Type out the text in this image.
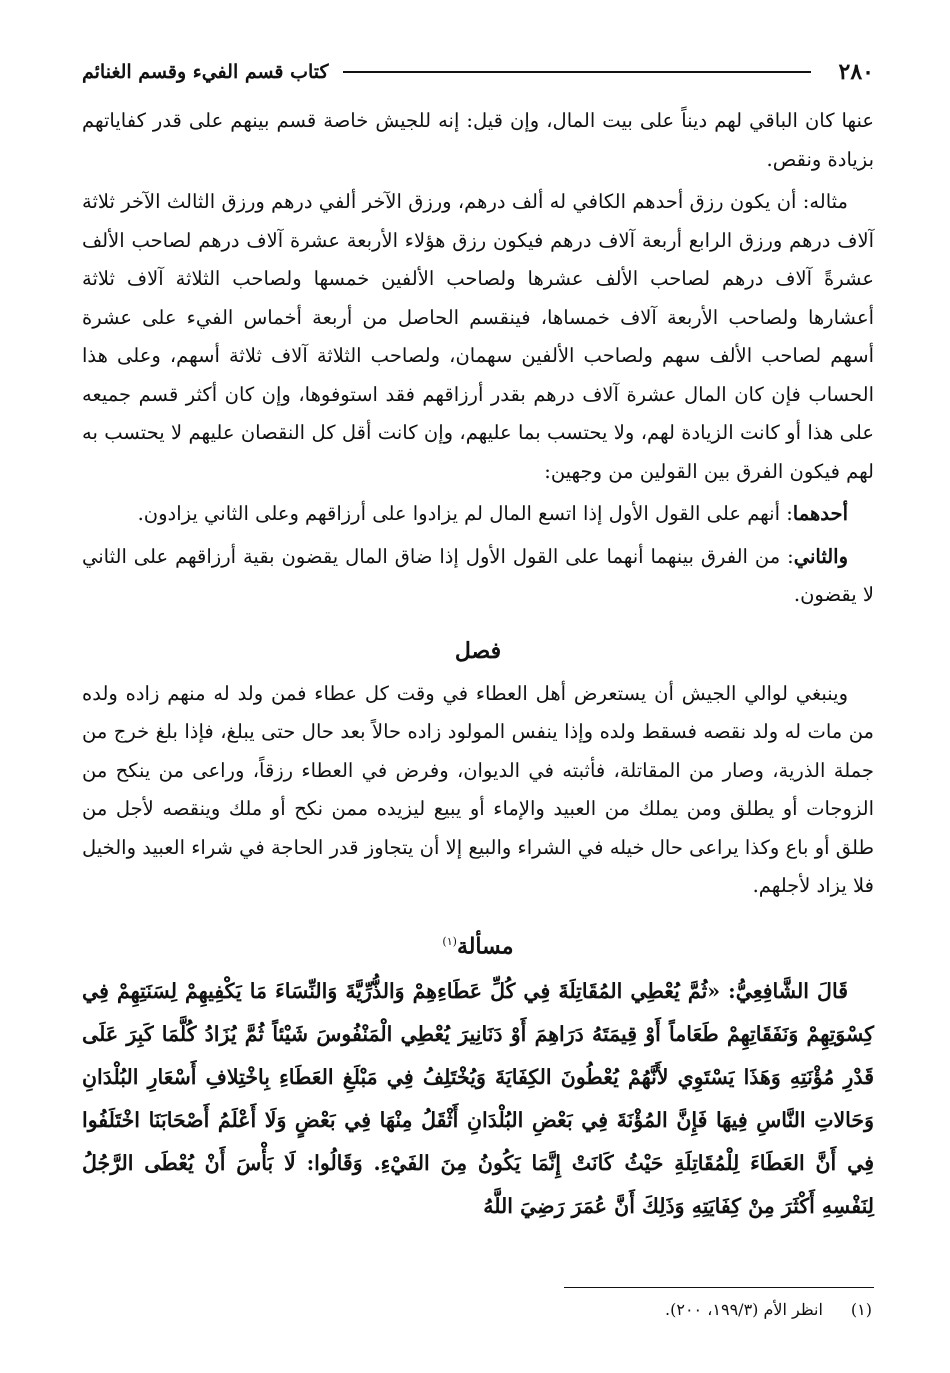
٢٨٠
كتاب قسم الفيء وقسم الغنائم

عنها كان الباقي لهم ديناً على بيت المال، وإن قيل: إنه للجيش خاصة قسم بينهم على قدر كفاياتهم بزيادة ونقص.

مثاله: أن يكون رزق أحدهم الكافي له ألف درهم، ورزق الآخر ألفي درهم ورزق الثالث الآخر ثلاثة آلاف درهم ورزق الرابع أربعة آلاف درهم فيكون رزق هؤلاء الأربعة عشرة آلاف درهم لصاحب الألف عشرةً آلاف درهم لصاحب الألف عشرها ولصاحب الألفين خمسها ولصاحب الثلاثة آلاف ثلاثة أعشارها ولصاحب الأربعة آلاف خمساها، فينقسم الحاصل من أربعة أخماس الفيء على عشرة أسهم لصاحب الألف سهم ولصاحب الألفين سهمان، ولصاحب الثلاثة آلاف ثلاثة أسهم، وعلى هذا الحساب فإن كان المال عشرة آلاف درهم بقدر أرزاقهم فقد استوفوها، وإن كان أكثر قسم جميعه على هذا أو كانت الزيادة لهم، ولا يحتسب بما عليهم، وإن كانت أقل كل النقصان عليهم لا يحتسب به لهم فيكون الفرق بين القولين من وجهين:

أحدهما: أنهم على القول الأول إذا اتسع المال لم يزادوا على أرزاقهم وعلى الثاني يزادون.

والثاني: من الفرق بينهما أنهما على القول الأول إذا ضاق المال يقضون بقية أرزاقهم على الثاني لا يقضون.

فصل

وينبغي لوالي الجيش أن يستعرض أهل العطاء في وقت كل عطاء فمن ولد له منهم زاده ولده من مات له ولد نقصه فسقط ولده وإذا ينفس المولود زاده حالاً بعد حال حتى يبلغ، فإذا بلغ خرج من جملة الذرية، وصار من المقاتلة، فأثبته في الديوان، وفرض في العطاء رزقاً، وراعى من ينكح من الزوجات أو يطلق ومن يملك من العبيد والإماء أو يبيع ليزيده ممن نكح أو ملك وينقصه لأجل من طلق أو باع وكذا يراعى حال خيله في الشراء والبيع إلا أن يتجاوز قدر الحاجة في شراء العبيد والخيل فلا يزاد لأجلهم.

مسألة$^{(١)}$

قَالَ الشَّافِعِيُّ: «ثُمَّ يُعْطِي المُقَاتِلَةَ فِي كُلِّ عَطَاءِهِمْ وَالذُّرِّيَّةَ وَالنِّسَاءَ مَا يَكْفِيهِمْ لِسَنَتِهِمْ فِي كِسْوَتِهِمْ وَنَفَقَاتِهِمْ طَعَاماً أَوْ قِيمَتَهُ دَرَاهِمَ أَوْ دَنَانِيرَ يُعْطِي الْمَنْفُوسَ شَيْئاً ثُمَّ يُزَادُ كُلَّمَا كَبِرَ عَلَى قَدْرِ مُؤْنَتِهِ وَهَذَا يَسْتَوِي لأَنَّهُمْ يُعْطُونَ الكِفَايَةَ وَيُخْتَلِفُ فِي مَبْلَغِ العَطَاءِ بِاخْتِلافِ أَسْعَارِ البُلْدَانِ وَحَالاتِ النَّاسِ فِيهَا فَإِنَّ المُؤْنَةَ فِي بَعْضِ البُلْدَانِ أَثْقَلُ مِنْهَا فِي بَعْضٍ وَلَا أَعْلَمُ أَصْحَابَنَا اخْتَلَفُوا فِي أَنَّ العَطَاءَ لِلْمُقَاتِلَةِ حَيْثُ كَانَتْ إِنَّمَا يَكُونُ مِنَ الفَيْءِ. وَقَالُوا: لَا بَأْسَ أَنْ يُعْطَى الرَّجُلُ لِنَفْسِهِ أَكْثَرَ مِنْ كِفَايَتِهِ وَذَلِكَ أَنَّ عُمَرَ رَضِيَ اللَّهُ

(١)
انظر الأم (١٩٩/٣، ٢٠٠).
